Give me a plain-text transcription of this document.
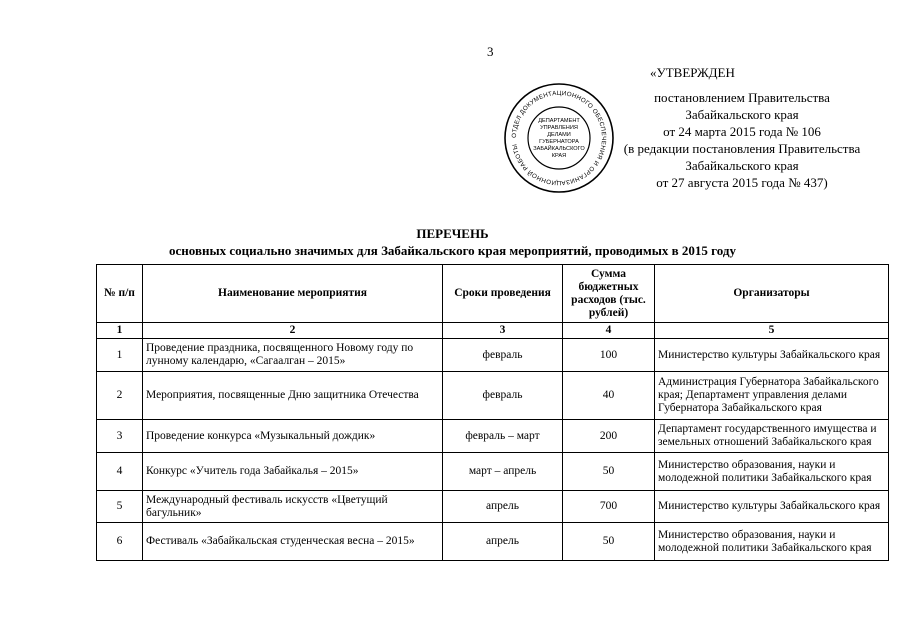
3
«УТВЕРЖДЕН
постановлением Правительства
Забайкальского края
от 24 марта 2015 года № 106
(в редакции постановления Правительства
Забайкальского края
от 27 августа 2015 года № 437)
ОТДЕЛ ДОКУМЕНТАЦИОННОГО ОБЕСПЕЧЕНИЯ И ОРГАНИЗАЦИОННОЙ РАБОТЫ
ДЕПАРТАМЕНТ
УПРАВЛЕНИЯ
ДЕЛАМИ
ГУБЕРНАТОРА
ЗАБАЙКАЛЬСКОГО
КРАЯ
ПЕРЕЧЕНЬ
основных социально значимых для Забайкальского края мероприятий, проводимых в 2015 году
№ п/п	Наименование мероприятия	Сроки проведения	Сумма бюджетных расходов (тыс. рублей)	Организаторы
1	2	3	4	5
1	Проведение праздника, посвященного Новому году по лунному календарю, «Сагаалган – 2015»	февраль	100	Министерство культуры Забайкальского края
2	Мероприятия, посвященные Дню защитника Отечества	февраль	40	Администрация Губернатора Забайкальского края; Департамент управления делами Губернатора Забайкальского края
3	Проведение конкурса «Музыкальный дождик»	февраль – март	200	Департамент государственного имущества и земельных отношений Забайкальского края
4	Конкурс «Учитель года Забайкалья – 2015»	март – апрель	50	Министерство образования, науки и молодежной политики Забайкальского края
5	Международный фестиваль искусств «Цветущий багульник»	апрель	700	Министерство культуры Забайкальского края
6	Фестиваль «Забайкальская студенческая весна – 2015»	апрель	50	Министерство образования, науки и молодежной политики Забайкальского края
